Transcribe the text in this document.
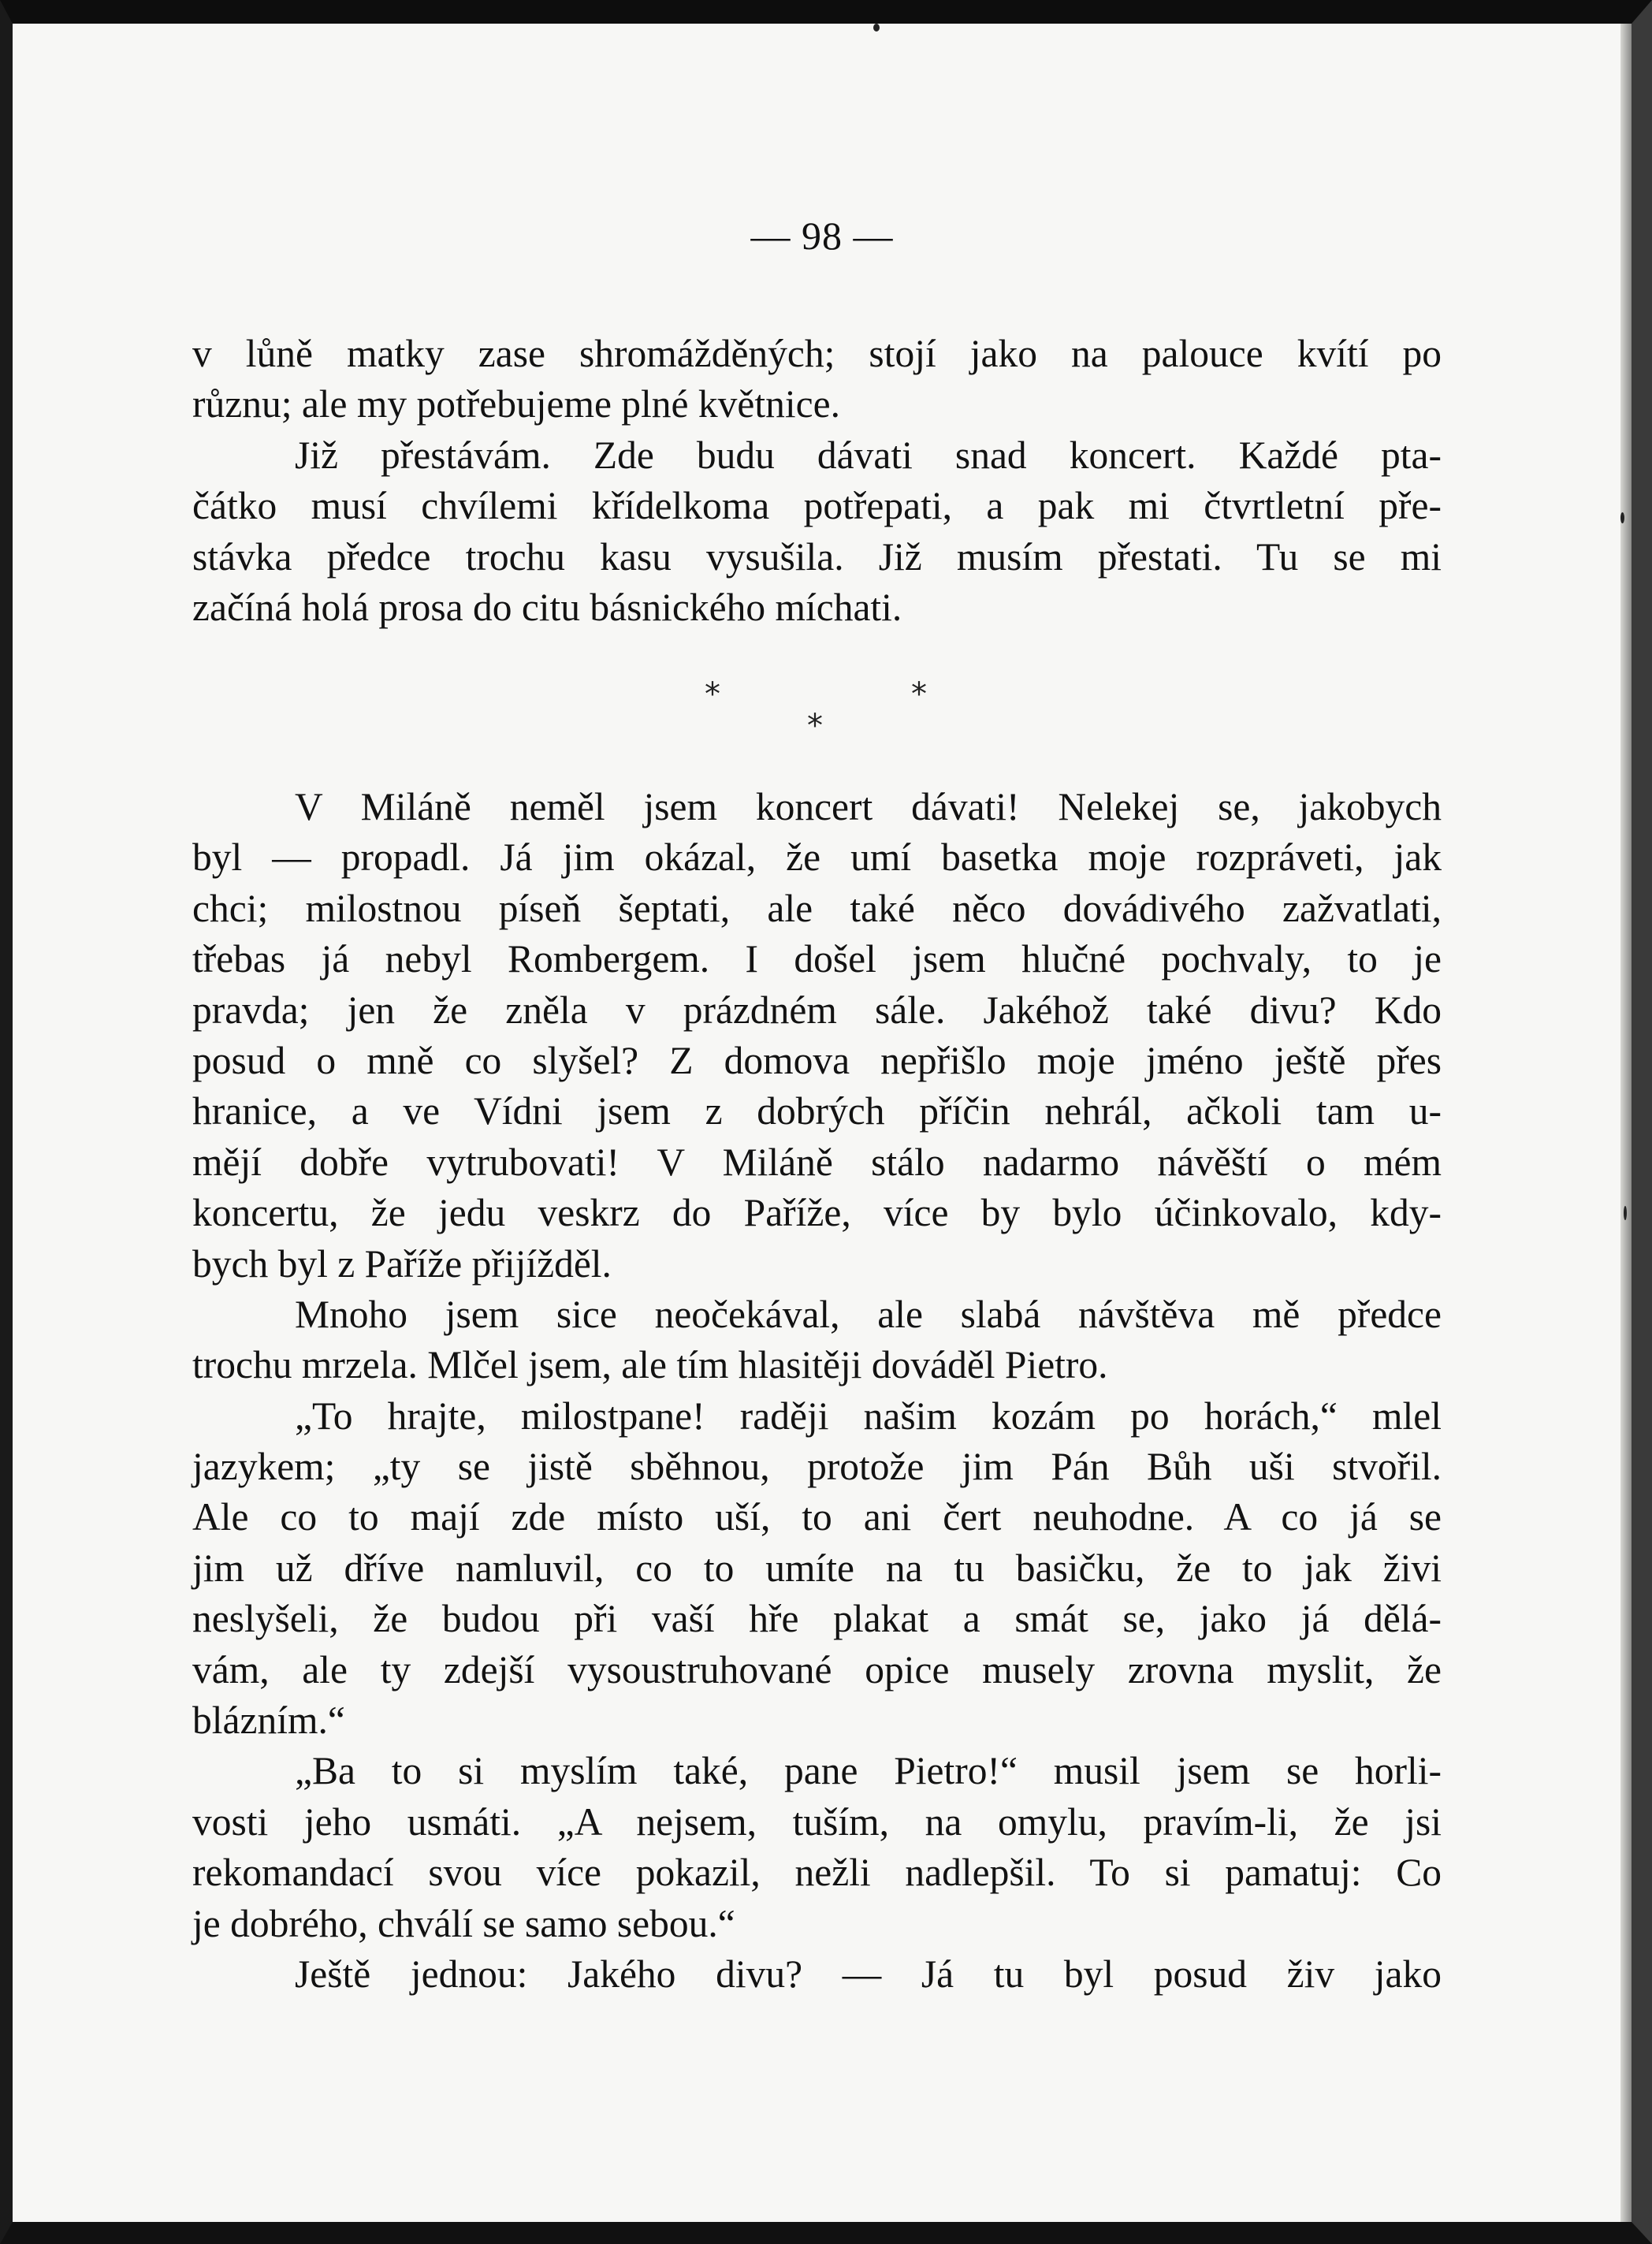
— 98 —
v lůně matky zase shromážděných; stojí jako na palouce kvítí po
různu; ale my potřebujeme plné květnice.
Již přestávám. Zde budu dávati snad koncert. Každé pta-
čátko musí chvílemi křídelkoma potřepati, a pak mi čtvrtletní pře-
stávka předce trochu kasu vysušila. Již musím přestati. Tu se mi
začíná holá prosa do citu básnického míchati.
*	*
*
V Miláně neměl jsem koncert dávati! Nelekej se, jakobych
byl — propadl. Já jim okázal, že umí basetka moje rozpráveti, jak
chci; milostnou píseň šeptati, ale také něco dovádivého zažvatlati,
třebas já nebyl Rombergem. I došel jsem hlučné pochvaly, to je
pravda; jen že zněla v prázdném sále. Jakéhož také divu? Kdo
posud o mně co slyšel? Z domova nepřišlo moje jméno ještě přes
hranice, a ve Vídni jsem z dobrých příčin nehrál, ačkoli tam u-
mějí dobře vytrubovati! V Miláně stálo nadarmo návěští o mém
koncertu, že jedu veskrz do Paříže, více by bylo účinkovalo, kdy-
bych byl z Paříže přijížděl.
Mnoho jsem sice neočekával, ale slabá návštěva mě předce
trochu mrzela. Mlčel jsem, ale tím hlasitěji dováděl Pietro.
„To hrajte, milostpane! raději našim kozám po horách,“ mlel
jazykem; „ty se jistě sběhnou, protože jim Pán Bůh uši stvořil.
Ale co to mají zde místo uší, to ani čert neuhodne. A co já se
jim už dříve namluvil, co to umíte na tu basičku, že to jak živi
neslyšeli, že budou při vaší hře plakat a smát se, jako já dělá-
vám, ale ty zdejší vysoustruhované opice musely zrovna myslit, že
blázním.“
„Ba to si myslím také, pane Pietro!“ musil jsem se horli-
vosti jeho usmáti. „A nejsem, tuším, na omylu, pravím-li, že jsi
rekomandací svou více pokazil, nežli nadlepšil. To si pamatuj: Co
je dobrého, chválí se samo sebou.“
Ještě jednou: Jakého divu? — Já tu byl posud živ jako
